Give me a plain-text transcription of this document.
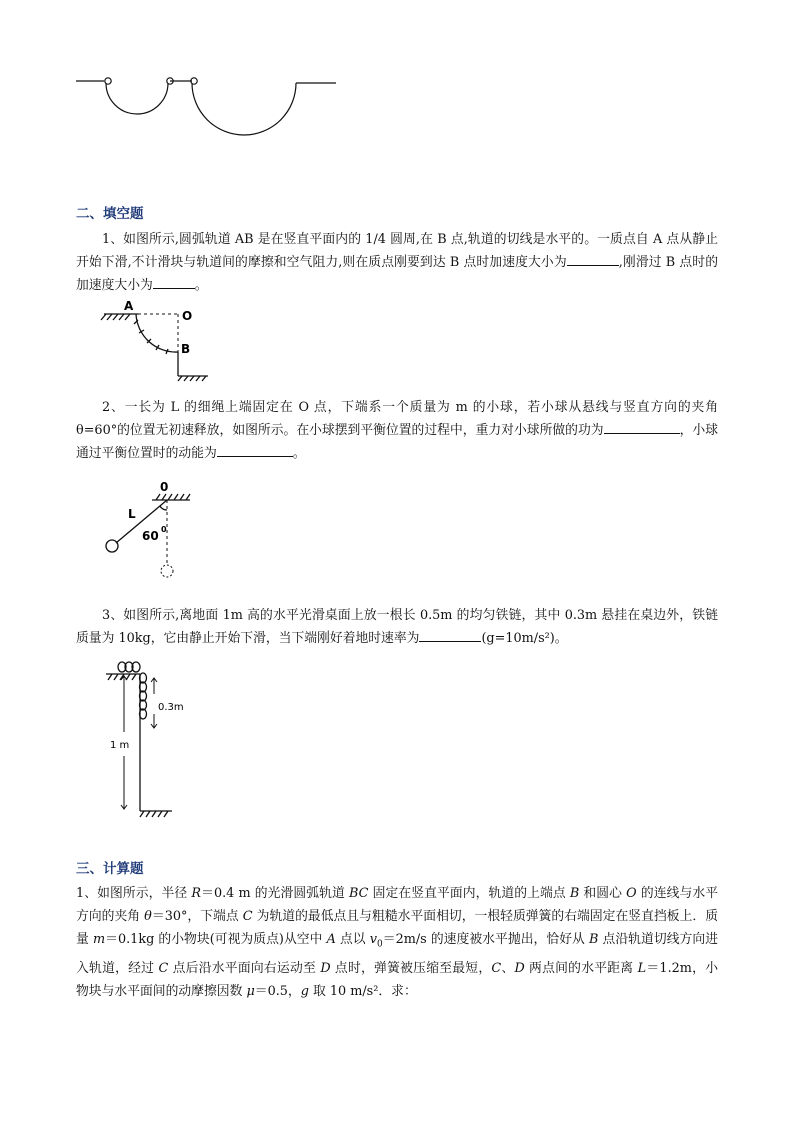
二、填空题
1、如图所示,圆弧轨道 AB 是在竖直平面内的 1/4 圆周,在 B 点,轨道的切线是水平的。一质点自 A 点从静止开始下滑,不计滑块与轨道间的摩擦和空气阻力,则在质点刚要到达 B 点时加速度大小为	,刚滑过 B 点时的加速度大小为	。
A
O
B
2、一长为 L 的细绳上端固定在 O 点，下端系一个质量为 m 的小球，若小球从悬线与竖直方向的夹角 θ=60°的位置无初速释放，如图所示。在小球摆到平衡位置的过程中，重力对小球所做的功为	，小球通过平衡位置时的动能为	。
0
L
60 0
3、如图所示,离地面 1m 高的水平光滑桌面上放一根长 0.5m 的均匀铁链，其中 0.3m 悬挂在桌边外，铁链质量为 10kg，它由静止开始下滑，当下端刚好着地时速率为	(g=10m/s²)。
0.3m
1 m
三、计算题
1、如图所示，半径 R＝0.4 m 的光滑圆弧轨道 BC 固定在竖直平面内，轨道的上端点 B 和圆心 O 的连线与水平方向的夹角 θ＝30°，下端点 C 为轨道的最低点且与粗糙水平面相切，一根轻质弹簧的右端固定在竖直挡板上．质量 m＝0.1kg 的小物块(可视为质点)从空中 A 点以 $v_0=2m/s$ 的速度被水平抛出，恰好从 B 点沿轨道切线方向进入轨道，经过 C 点后沿水平面向右运动至 D 点时，弹簧被压缩至最短，C、D 两点间的水平距离 L＝1.2m，小物块与水平面间的动摩擦因数 μ＝0.5，g 取 10 m/s²．求：
